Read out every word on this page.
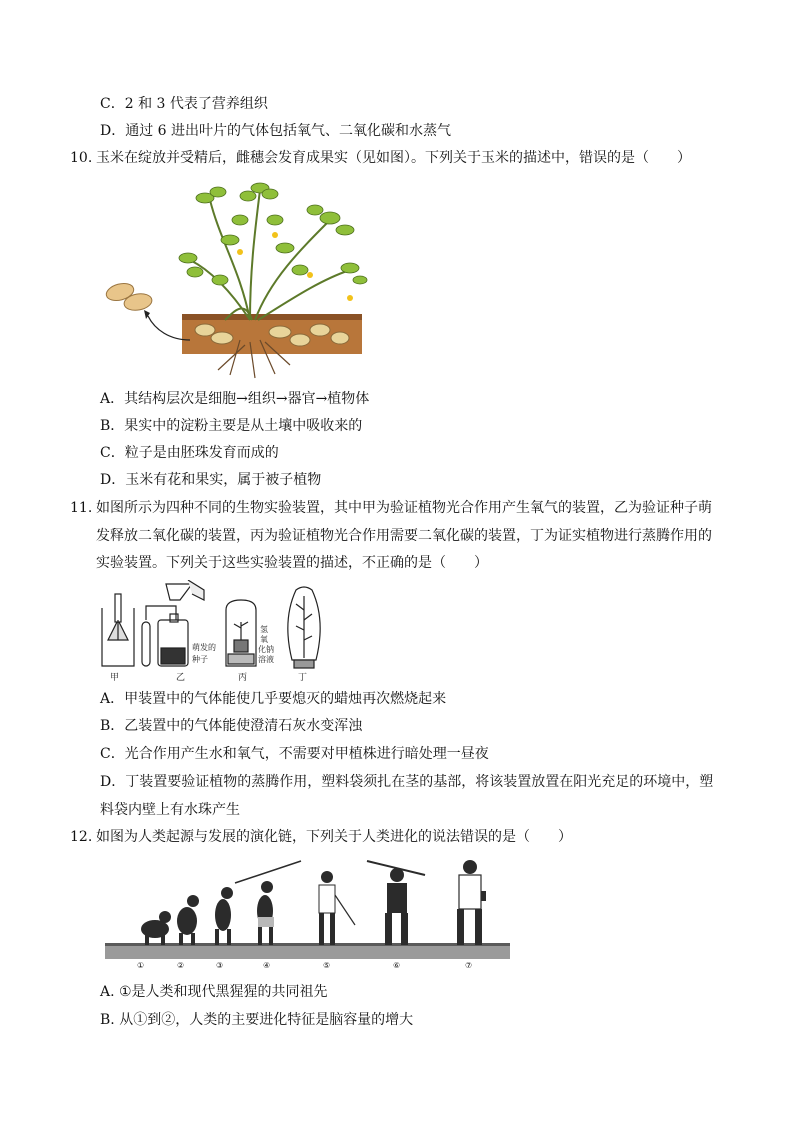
C．2 和 3 代表了营养组织
D．通过 6 进出叶片的气体包括氧气、二氧化碳和水蒸气
10. 玉米在绽放并受精后，雌穗会发育成果实（见如图）。下列关于玉米的描述中，错误的是（　　）
A．其结构层次是细胞→组织→器官→植物体
B．果实中的淀粉主要是从土壤中吸收来的
C．粒子是由胚珠发育而成的
D．玉米有花和果实，属于被子植物
11. 如图所示为四种不同的生物实验装置，其中甲为验证植物光合作用产生氧气的装置，乙为验证种子萌
发释放二氧化碳的装置，丙为验证植物光合作用需要二氧化碳的装置，丁为证实植物进行蒸腾作用的
实验装置。下列关于这些实验装置的描述，不正确的是（　　）
甲	乙	丙	丁
萌发的
种子
氢
氧
化钠
溶液
A．甲装置中的气体能使几乎要熄灭的蜡烛再次燃烧起来
B．乙装置中的气体能使澄清石灰水变浑浊
C．光合作用产生水和氧气，不需要对甲植株进行暗处理一昼夜
D．丁装置要验证植物的蒸腾作用，塑料袋须扎在茎的基部，将该装置放置在阳光充足的环境中，塑
料袋内壁上有水珠产生
12. 如图为人类起源与发展的演化链，下列关于人类进化的说法错误的是（　　）
①	②	③	④	⑤	⑥	⑦
A. ①是人类和现代黑猩猩的共同祖先
B. 从①到②，人类的主要进化特征是脑容量的增大
